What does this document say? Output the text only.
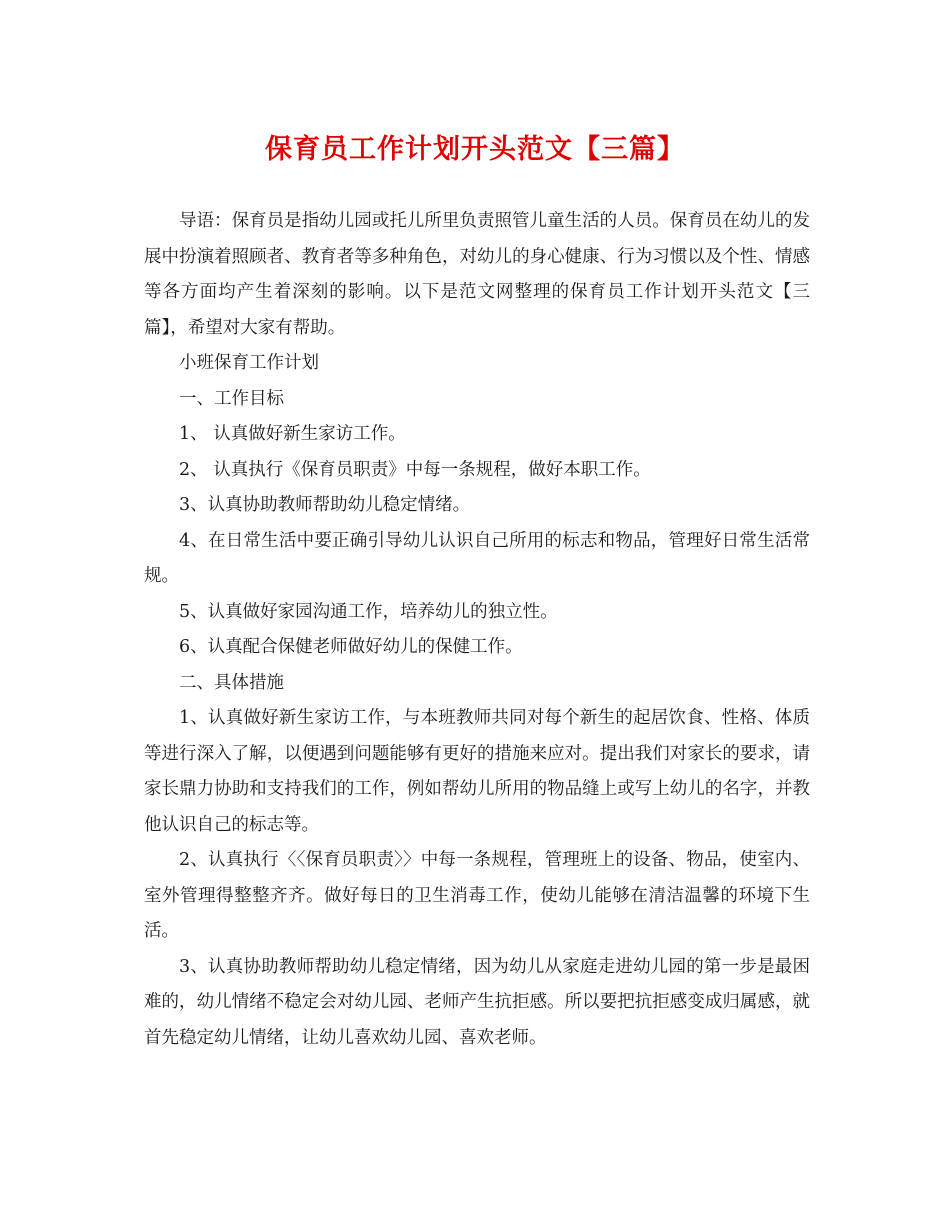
保育员工作计划开头范文【三篇】

导语：保育员是指幼儿园或托儿所里负责照管儿童生活的人员。保育员在幼儿的发展中扮演着照顾者、教育者等多种角色，对幼儿的身心健康、行为习惯以及个性、情感等各方面均产生着深刻的影响。以下是范文网整理的保育员工作计划开头范文【三篇】，希望对大家有帮助。

小班保育工作计划

一、工作目标

1、 认真做好新生家访工作。

2、 认真执行《保育员职责》中每一条规程，做好本职工作。

3、认真协助教师帮助幼儿稳定情绪。

4、在日常生活中要正确引导幼儿认识自己所用的标志和物品，管理好日常生活常规。

5、认真做好家园沟通工作，培养幼儿的独立性。

6、认真配合保健老师做好幼儿的保健工作。

二、具体措施

1、认真做好新生家访工作，与本班教师共同对每个新生的起居饮食、性格、体质等进行深入了解，以便遇到问题能够有更好的措施来应对。提出我们对家长的要求，请家长鼎力协助和支持我们的工作，例如帮幼儿所用的物品缝上或写上幼儿的名字，并教他认识自己的标志等。

2、认真执行〈〈保育员职责〉〉中每一条规程，管理班上的设备、物品，使室内、室外管理得整整齐齐。做好每日的卫生消毒工作，使幼儿能够在清洁温馨的环境下生活。

3、认真协助教师帮助幼儿稳定情绪，因为幼儿从家庭走进幼儿园的第一步是最困难的，幼儿情绪不稳定会对幼儿园、老师产生抗拒感。所以要把抗拒感变成归属感，就首先稳定幼儿情绪，让幼儿喜欢幼儿园、喜欢老师。
